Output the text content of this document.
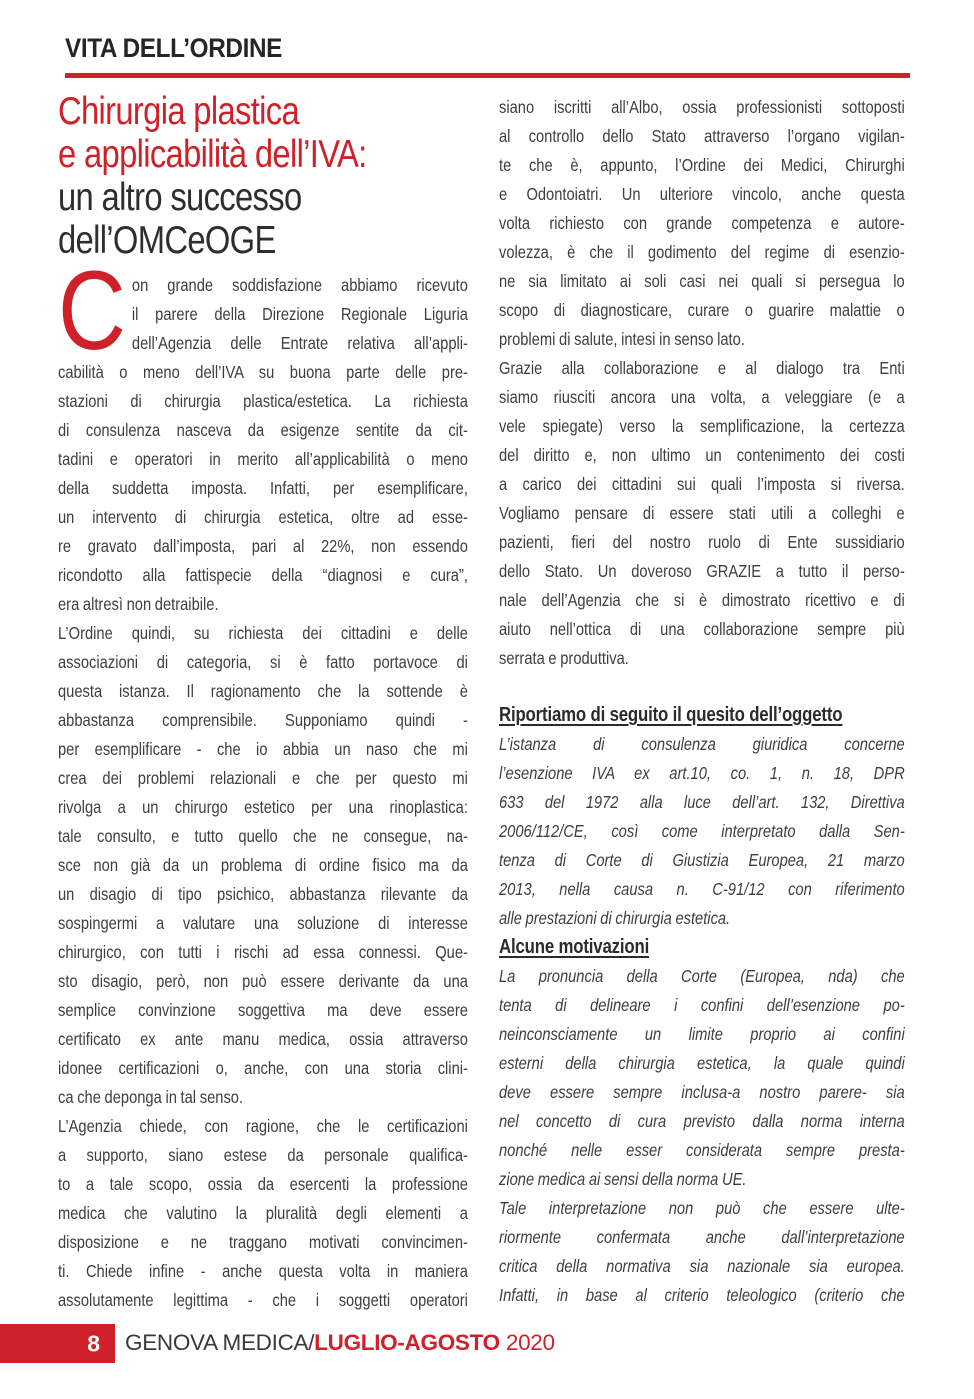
VITA DELL’ORDINE
Chirurgia plastica
e applicabilità dell’IVA:
un altro successo
dell’OMCeOGE
C on grande soddisfazione abbiamo ricevuto
il parere della Direzione Regionale Liguria
dell’Agenzia delle Entrate relativa all’appli-
cabilità o meno dell’IVA su buona parte delle pre-
stazioni di chirurgia plastica/estetica. La richiesta
di consulenza nasceva da esigenze sentite da cit-
tadini e operatori in merito all’applicabilità o meno
della suddetta imposta. Infatti, per esemplificare,
un intervento di chirurgia estetica, oltre ad esse-
re gravato dall’imposta, pari al 22%, non essendo
ricondotto alla fattispecie della “diagnosi e cura”,
era altresì non detraibile.
L’Ordine quindi, su richiesta dei cittadini e delle
associazioni di categoria, si è fatto portavoce di
questa istanza. Il ragionamento che la sottende è
abbastanza comprensibile. Supponiamo quindi -
per esemplificare - che io abbia un naso che mi
crea dei problemi relazionali e che per questo mi
rivolga a un chirurgo estetico per una rinoplastica:
tale consulto, e tutto quello che ne consegue, na-
sce non già da un problema di ordine fisico ma da
un disagio di tipo psichico, abbastanza rilevante da
sospingermi a valutare una soluzione di interesse
chirurgico, con tutti i rischi ad essa connessi. Que-
sto disagio, però, non può essere derivante da una
semplice convinzione soggettiva ma deve essere
certificato ex ante manu medica, ossia attraverso
idonee certificazioni o, anche, con una storia clini-
ca che deponga in tal senso.
L’Agenzia chiede, con ragione, che le certificazioni
a supporto, siano estese da personale qualifica-
to a tale scopo, ossia da esercenti la professione
medica che valutino la pluralità degli elementi a
disposizione e ne traggano motivati convincimen-
ti. Chiede infine - anche questa volta in maniera
assolutamente legittima - che i soggetti operatori
siano iscritti all’Albo, ossia professionisti sottoposti
al controllo dello Stato attraverso l’organo vigilan-
te che è, appunto, l’Ordine dei Medici, Chirurghi
e Odontoiatri. Un ulteriore vincolo, anche questa
volta richiesto con grande competenza e autore-
volezza, è che il godimento del regime di esenzio-
ne sia limitato ai soli casi nei quali si persegua lo
scopo di diagnosticare, curare o guarire malattie o
problemi di salute, intesi in senso lato.
Grazie alla collaborazione e al dialogo tra Enti
siamo riusciti ancora una volta, a veleggiare (e a
vele spiegate) verso la semplificazione, la certezza
del diritto e, non ultimo un contenimento dei costi
a carico dei cittadini sui quali l’imposta si riversa.
Vogliamo pensare di essere stati utili a colleghi e
pazienti, fieri del nostro ruolo di Ente sussidiario
dello Stato. Un doveroso GRAZIE a tutto il perso-
nale dell’Agenzia che si è dimostrato ricettivo e di
aiuto nell’ottica di una collaborazione sempre più
serrata e produttiva.
Riportiamo di seguito il quesito dell’oggetto
L’istanza di consulenza giuridica concerne
l’esenzione IVA ex art.10, co. 1, n. 18, DPR
633 del 1972 alla luce dell’art. 132, Direttiva
2006/112/CE, così come interpretato dalla Sen-
tenza di Corte di Giustizia Europea, 21 marzo
2013, nella causa n. C-91/12 con riferimento
alle prestazioni di chirurgia estetica.
Alcune motivazioni
La pronuncia della Corte (Europea, nda) che
tenta di delineare i confini dell’esenzione po-
neinconsciamente un limite proprio ai confini
esterni della chirurgia estetica, la quale quindi
deve essere sempre inclusa-a nostro parere- sia
nel concetto di cura previsto dalla norma interna
nonché nelle esser considerata sempre presta-
zione medica ai sensi della norma UE.
Tale interpretazione non può che essere ulte-
riormente confermata anche dall’interpretazione
critica della normativa sia nazionale sia europea.
Infatti, in base al criterio teleologico (criterio che
8 GENOVA MEDICA/LUGLIO-AGOSTO 2020
